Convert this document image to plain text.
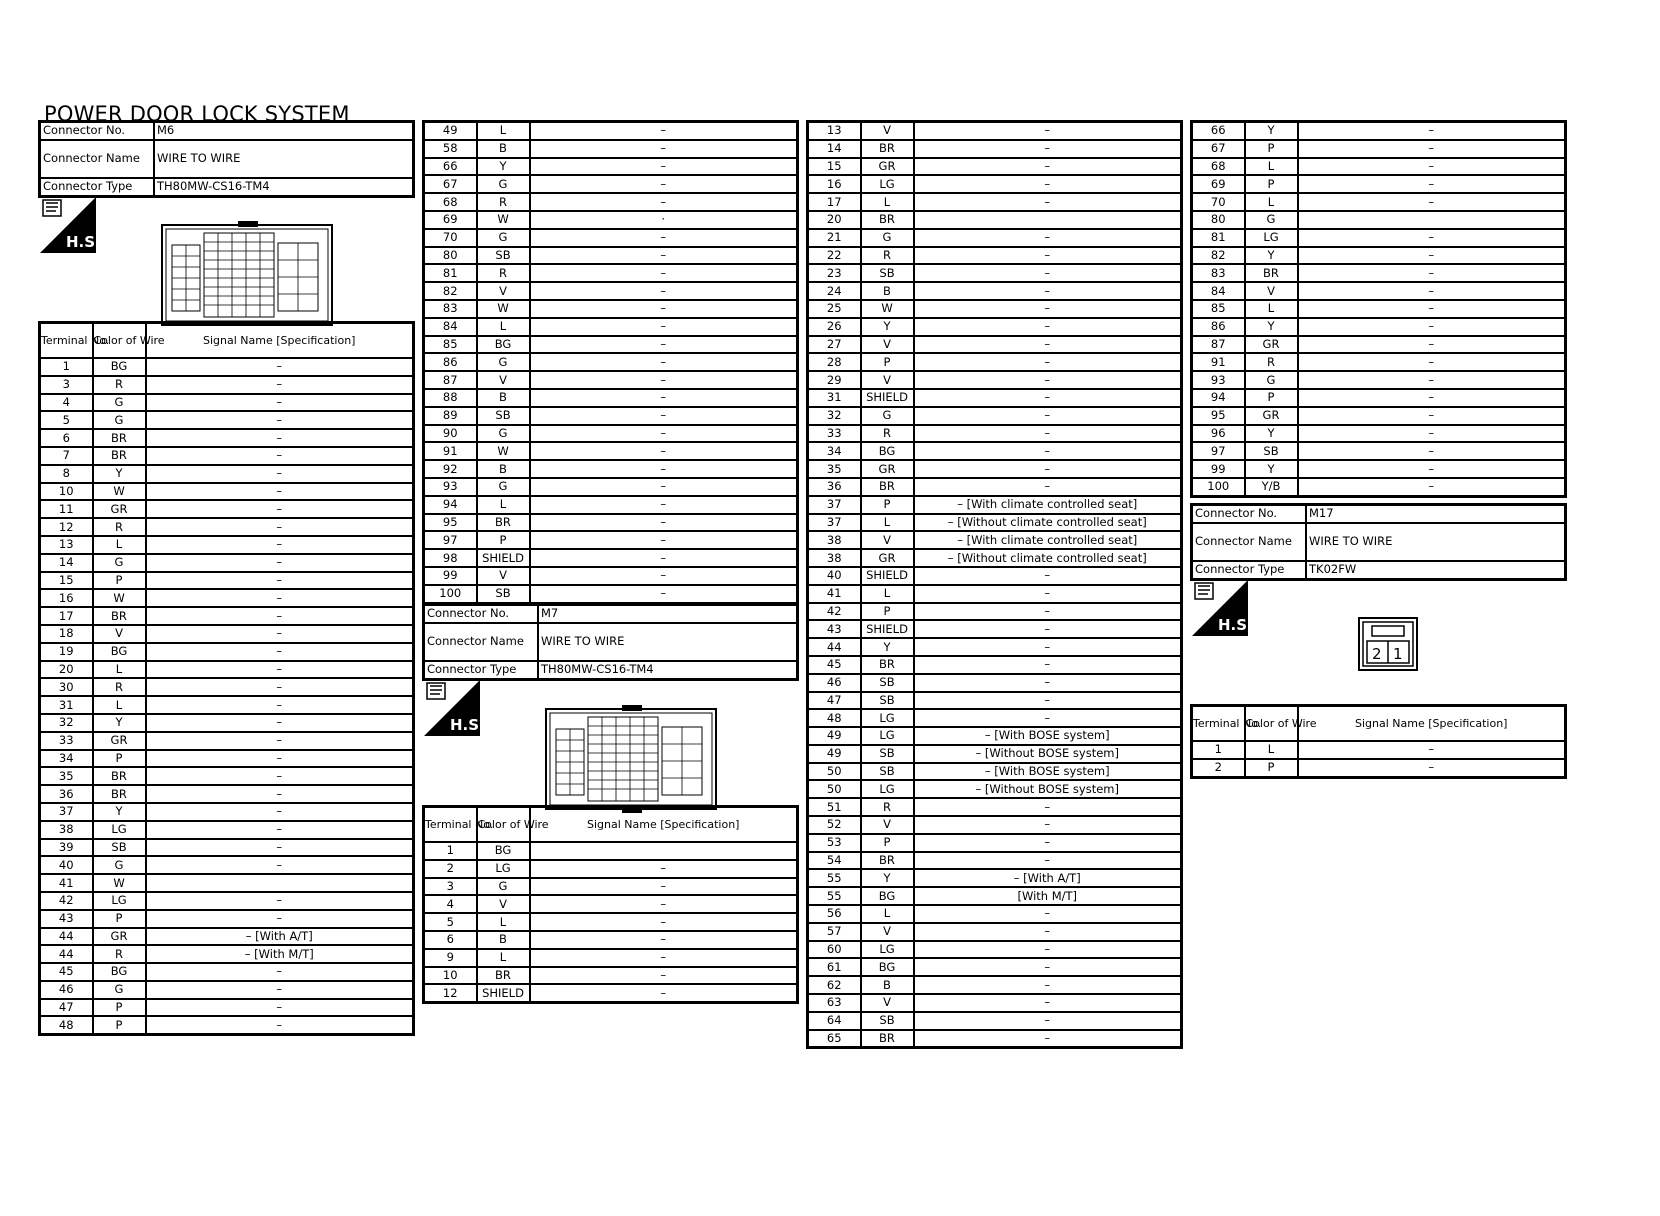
POWER DOOR LOCK SYSTEM
Connector No.	M6
Connector Name	WIRE TO WIRE
Connector Type	TH80MW-CS16-TM4
H.S.
Terminal No.	Color of Wire	Signal Name [Specification]
1	BG	–
3	R	–
4	G	–
5	G	–
6	BR	–
7	BR	–
8	Y	–
10	W	–
11	GR	–
12	R	–
13	L	–
14	G	–
15	P	–
16	W	–
17	BR	–
18	V	–
19	BG	–
20	L	–
30	R	–
31	L	–
32	Y	–
33	GR	–
34	P	–
35	BR	–
36	BR	–
37	Y	–
38	LG	–
39	SB	–
40	G	–
41	W	
42	LG	–
43	P	–
44	GR	– [With A/T]
44	R	– [With M/T]
45	BG	–
46	G	–
47	P	–
48	P	–
49	L	–
58	B	–
66	Y	–
67	G	–
68	R	–
69	W	·
70	G	–
80	SB	–
81	R	–
82	V	–
83	W	–
84	L	–
85	BG	–
86	G	–
87	V	–
88	B	–
89	SB	–
90	G	–
91	W	–
92	B	–
93	G	–
94	L	–
95	BR	–
97	P	–
98	SHIELD	–
99	V	–
100	SB	–
Connector No.	M7
Connector Name	WIRE TO WIRE
Connector Type	TH80MW-CS16-TM4
H.S.
Terminal No.	Color of Wire	Signal Name [Specification]
1	BG	
2	LG	–
3	G	–
4	V	–
5	L	–
6	B	–
9	L	–
10	BR	–
12	SHIELD	–
13	V	–
14	BR	–
15	GR	–
16	LG	–
17	L	–
20	BR	
21	G	–
22	R	–
23	SB	–
24	B	–
25	W	–
26	Y	–
27	V	–
28	P	–
29	V	–
31	SHIELD	–
32	G	–
33	R	–
34	BG	–
35	GR	–
36	BR	–
37	P	– [With climate controlled seat]
37	L	– [Without climate controlled seat]
38	V	– [With climate controlled seat]
38	GR	– [Without climate controlled seat]
40	SHIELD	–
41	L	–
42	P	–
43	SHIELD	–
44	Y	–
45	BR	–
46	SB	–
47	SB	–
48	LG	–
49	LG	– [With BOSE system]
49	SB	– [Without BOSE system]
50	SB	– [With BOSE system]
50	LG	– [Without BOSE system]
51	R	–
52	V	–
53	P	–
54	BR	–
55	Y	– [With A/T]
55	BG	[With M/T]
56	L	–
57	V	–
60	LG	–
61	BG	–
62	B	–
63	V	–
64	SB	–
65	BR	–
66	Y	–
67	P	–
68	L	–
69	P	–
70	L	–
80	G	
81	LG	–
82	Y	–
83	BR	–
84	V	–
85	L	–
86	Y	–
87	GR	–
91	R	–
93	G	–
94	P	–
95	GR	–
96	Y	–
97	SB	–
99	Y	–
100	Y/B	–
Connector No.	M17
Connector Name	WIRE TO WIRE
Connector Type	TK02FW
H.S.
2 1
Terminal No.	Color of Wire	Signal Name [Specification]
1	L	–
2	P	–
